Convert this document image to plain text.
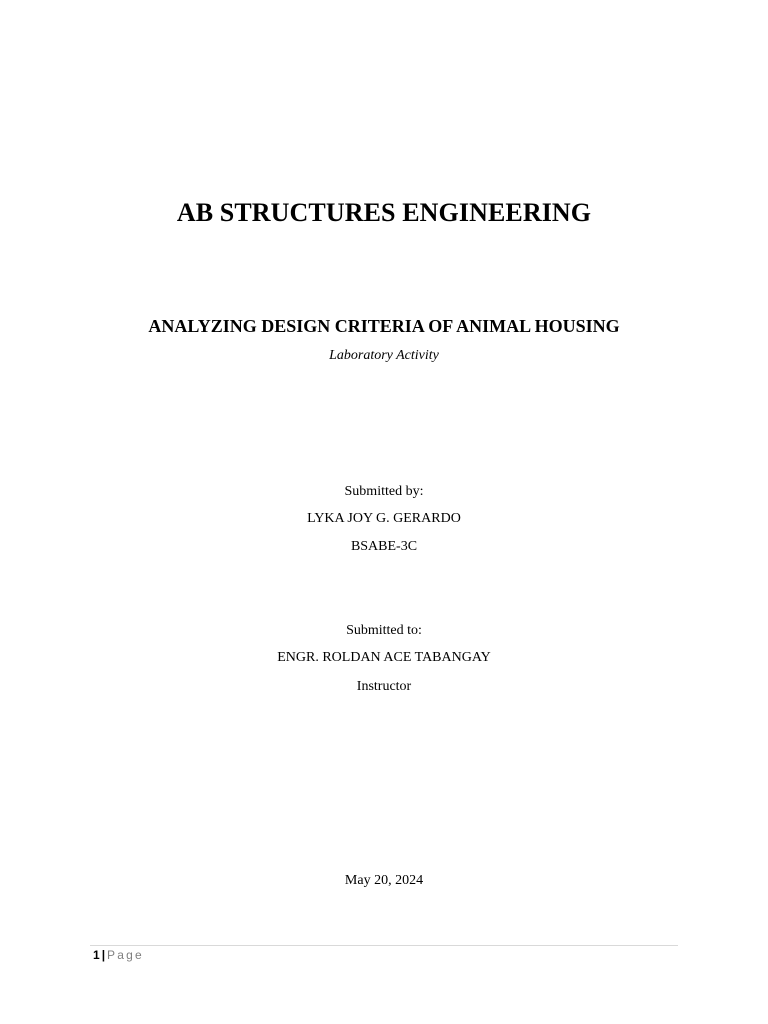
AB STRUCTURES ENGINEERING
ANALYZING DESIGN CRITERIA OF ANIMAL HOUSING
Laboratory Activity
Submitted by:
LYKA JOY G. GERARDO
BSABE-3C
Submitted to:
ENGR. ROLDAN ACE TABANGAY
Instructor
May 20, 2024
1 | Page
